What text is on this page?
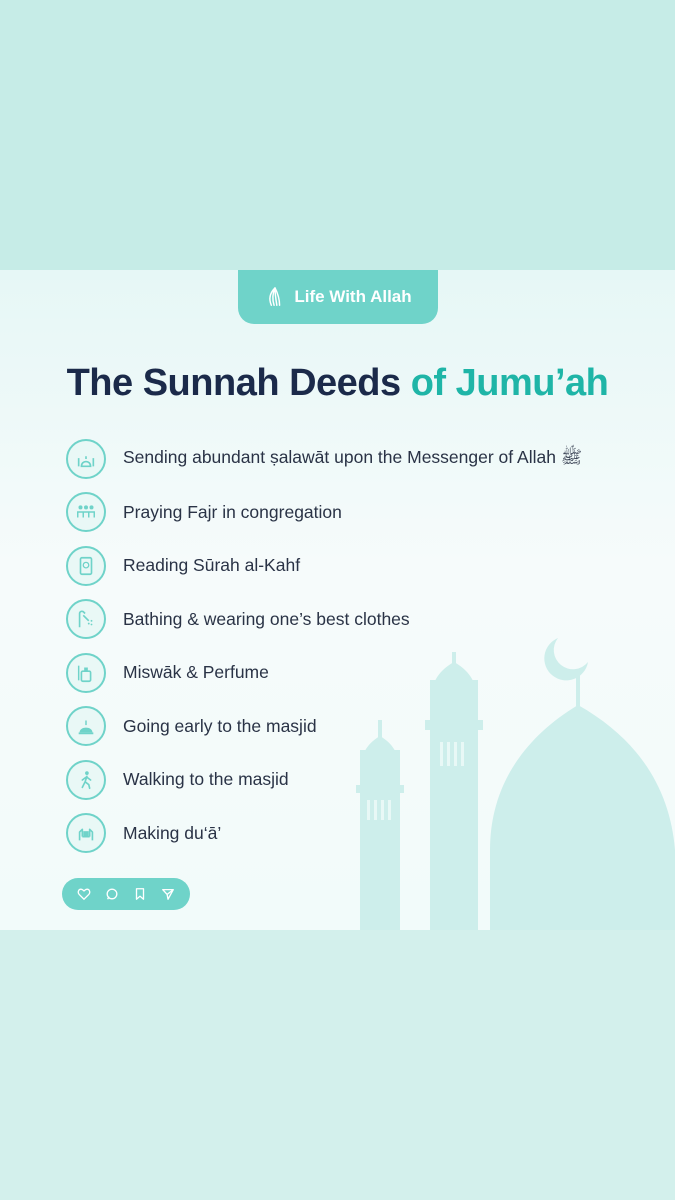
Life With Allah
The Sunnah Deeds of Jumu’ah
Sending abundant ṣalawāt upon the Messenger of Allah ﷺ
Praying Fajr in congregation
Reading Sūrah al-Kahf
Bathing & wearing one’s best clothes
Miswāk & Perfume
Going early to the masjid
Walking to the masjid
Making du‘ā’
